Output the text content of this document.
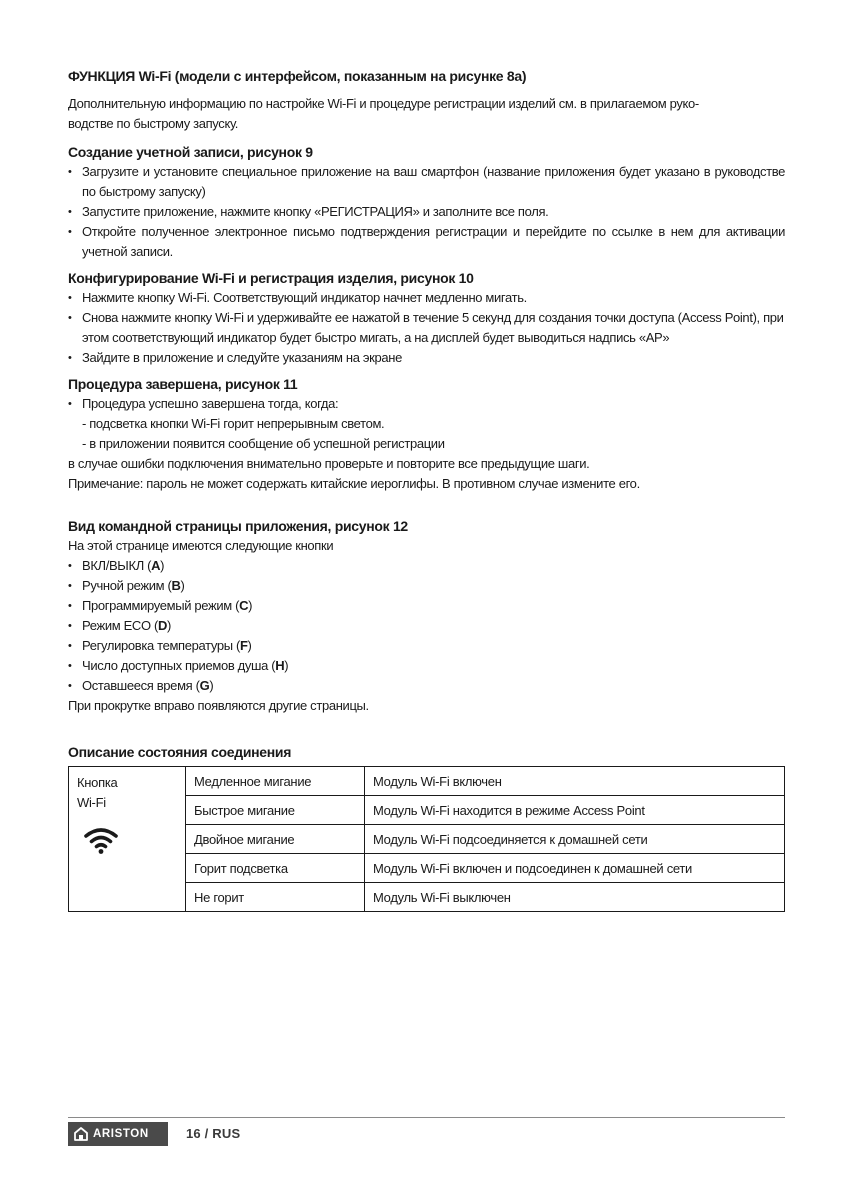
ФУНКЦИЯ Wi-Fi (модели с интерфейсом, показанным на рисунке 8a)

Дополнительную информацию по настройке Wi-Fi и процедуре регистрации изделий см. в прилагаемом руко-

водстве по быстрому запуску.

Создание учетной записи, рисунок 9

• Загрузите и установите специальное приложение на ваш смартфон (название приложения будет указано в руководстве по быстрому запуску)
• Запустите приложение, нажмите кнопку «РЕГИСТРАЦИЯ» и заполните все поля.
• Откройте полученное электронное письмо подтверждения регистрации и перейдите по ссылке в нем для активации учетной записи.

Конфигурирование Wi-Fi и регистрация изделия, рисунок 10

• Нажмите кнопку Wi-Fi. Соответствующий индикатор начнет медленно мигать.
• Снова нажмите кнопку Wi-Fi и удерживайте ее нажатой в течение 5 секунд для создания точки доступа (Access Point), при этом соответствующий индикатор будет быстро мигать, а на дисплей будет выводиться надпись «AP»
• Зайдите в приложение и следуйте указаниям на экране

Процедура завершена, рисунок 11

• Процедура успешно завершена тогда, когда:
- подсветка кнопки Wi-Fi горит непрерывным светом.
- в приложении появится сообщение об успешной регистрации

в случае ошибки подключения внимательно проверьте и повторите все предыдущие шаги.

Примечание: пароль не может содержать китайские иероглифы. В противном случае измените его.

Вид командной страницы приложения, рисунок 12

На этой странице имеются следующие кнопки

• ВКЛ/ВЫКЛ (A)
• Ручной режим (B)
• Программируемый режим (C)
• Режим ECO (D)
• Регулировка температуры (F)
• Число доступных приемов душа (H)
• Оставшееся время (G)

При прокрутке вправо появляются другие страницы.

Описание состояния соединения

Кнопка
Wi-Fi	Медленное мигание	Модуль Wi-Fi включен
	Быстрое мигание	Модуль Wi-Fi находится в режиме Access Point
	Двойное мигание	Модуль Wi-Fi подсоединяется к домашней сети
	Горит подсветка	Модуль Wi-Fi включен и подсоединен к домашней сети
	Не горит	Модуль Wi-Fi выключен
ARISTON	16 / RUS
